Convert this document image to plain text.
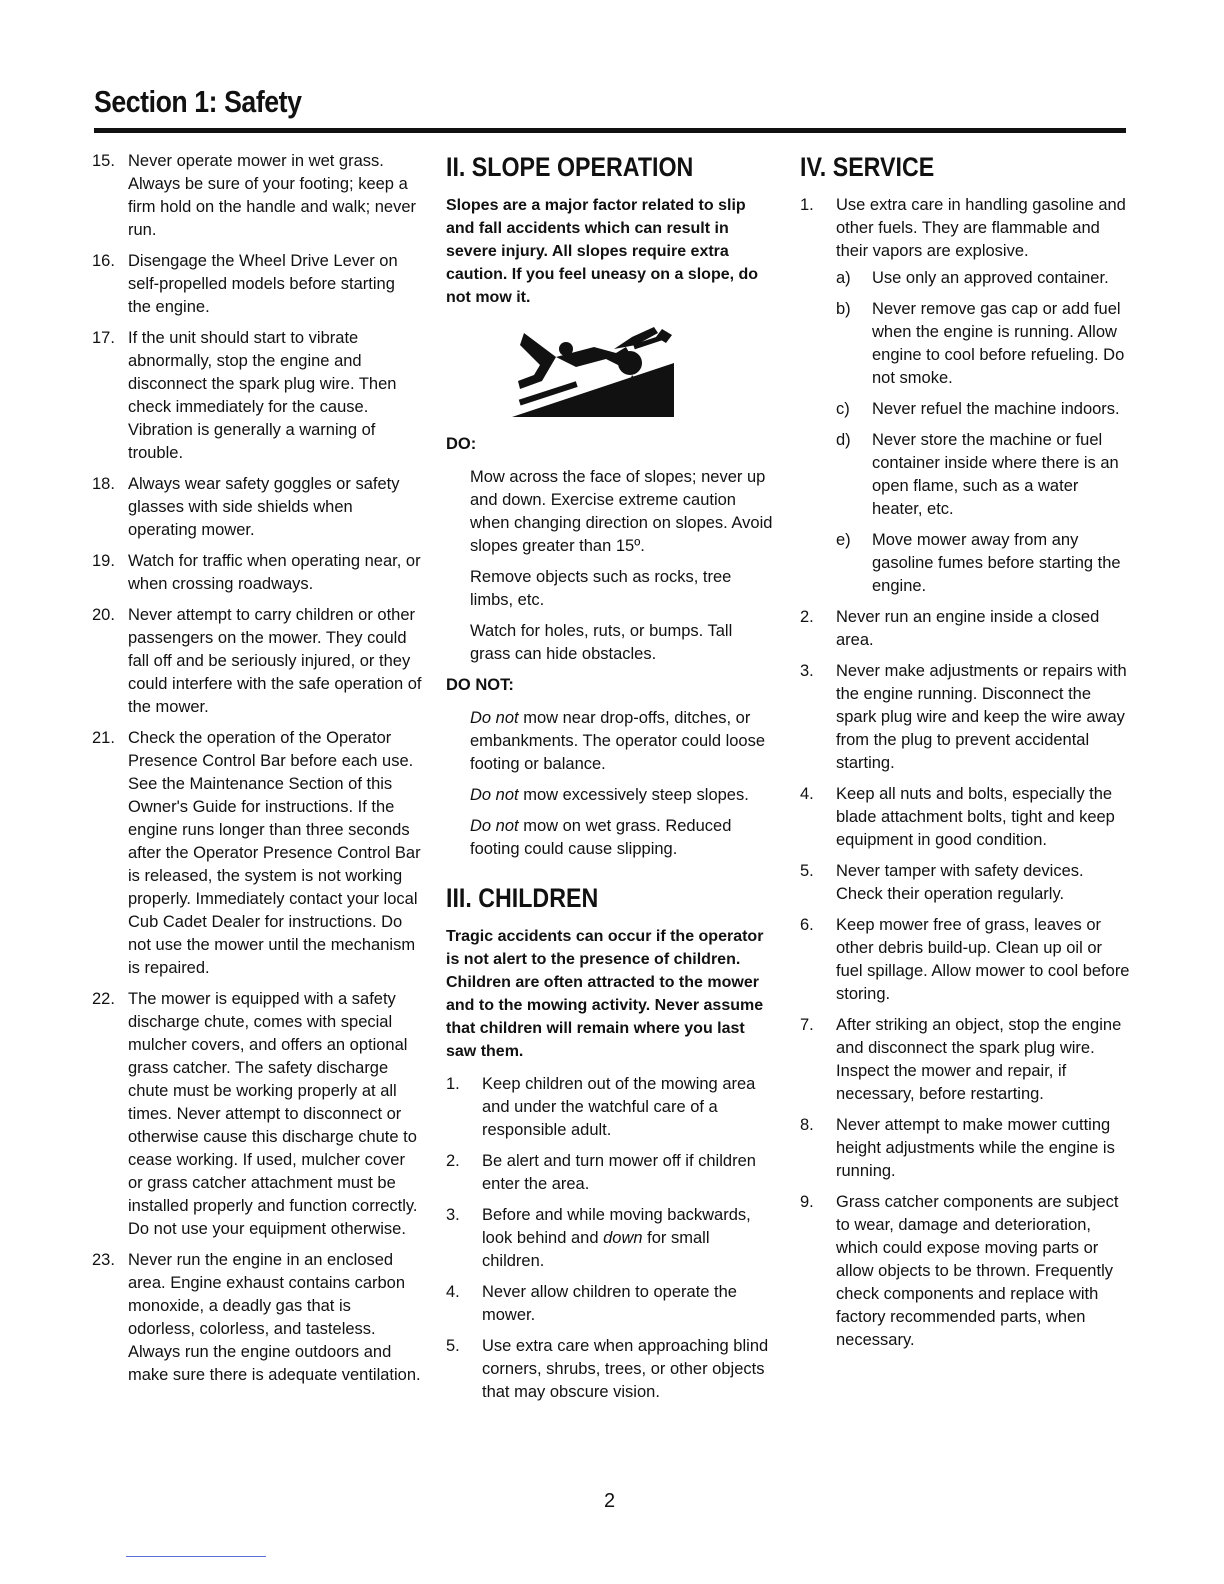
Section 1: Safety
15. Never operate mower in wet grass. Always be sure of your footing; keep a firm hold on the handle and walk; never run.
16. Disengage the Wheel Drive Lever on self-propelled models before starting the engine.
17. If the unit should start to vibrate abnormally, stop the engine and disconnect the spark plug wire. Then check immediately for the cause. Vibration is generally a warning of trouble.
18. Always wear safety goggles or safety glasses with side shields when operating mower.
19. Watch for traffic when operating near, or when crossing roadways.
20. Never attempt to carry children or other passengers on the mower. They could fall off and be seriously injured, or they could interfere with the safe operation of the mower.
21. Check the operation of the Operator Presence Control Bar before each use. See the Maintenance Section of this Owner's Guide for instructions. If the engine runs longer than three seconds after the Operator Presence Control Bar is released, the system is not working properly. Immediately contact your local Cub Cadet Dealer for instructions. Do not use the mower until the mechanism is repaired.
22. The mower is equipped with a safety discharge chute, comes with special mulcher covers, and offers an optional grass catcher. The safety discharge chute must be working properly at all times. Never attempt to disconnect or otherwise cause this discharge chute to cease working. If used, mulcher cover or grass catcher attachment must be installed properly and function correctly. Do not use your equipment otherwise.
23. Never run the engine in an enclosed area. Engine exhaust contains carbon monoxide, a deadly gas that is odorless, colorless, and tasteless. Always run the engine outdoors and make sure there is adequate ventilation.
II. SLOPE OPERATION
Slopes are a major factor related to slip and fall accidents which can result in severe injury. All slopes require extra caution. If you feel uneasy on a slope, do not mow it.
DO:
Mow across the face of slopes; never up and down. Exercise extreme caution when changing direction on slopes. Avoid slopes greater than 15º.
Remove objects such as rocks, tree limbs, etc.
Watch for holes, ruts, or bumps. Tall grass can hide obstacles.
DO NOT:
Do not mow near drop-offs, ditches, or embankments. The operator could loose footing or balance.
Do not mow excessively steep slopes.
Do not mow on wet grass. Reduced footing could cause slipping.
III. CHILDREN
Tragic accidents can occur if the operator is not alert to the presence of children. Children are often attracted to the mower and to the mowing activity. Never assume that children will remain where you last saw them.
1. Keep children out of the mowing area and under the watchful care of a responsible adult.
2. Be alert and turn mower off if children enter the area.
3. Before and while moving backwards, look behind and down for small children.
4. Never allow children to operate the mower.
5. Use extra care when approaching blind corners, shrubs, trees, or other objects that may obscure vision.
IV. SERVICE
1. Use extra care in handling gasoline and other fuels. They are flammable and their vapors are explosive.
a) Use only an approved container.
b) Never remove gas cap or add fuel when the engine is running. Allow engine to cool before refueling. Do not smoke.
c) Never refuel the machine indoors.
d) Never store the machine or fuel container inside where there is an open flame, such as a water heater, etc.
e) Move mower away from any gasoline fumes before starting the engine.
2. Never run an engine inside a closed area.
3. Never make adjustments or repairs with the engine running. Disconnect the spark plug wire and keep the wire away from the plug to prevent accidental starting.
4. Keep all nuts and bolts, especially the blade attachment bolts, tight and keep equipment in good condition.
5. Never tamper with safety devices. Check their operation regularly.
6. Keep mower free of grass, leaves or other debris build-up. Clean up oil or fuel spillage. Allow mower to cool before storing.
7. After striking an object, stop the engine and disconnect the spark plug wire. Inspect the mower and repair, if necessary, before restarting.
8. Never attempt to make mower cutting height adjustments while the engine is running.
9. Grass catcher components are subject to wear, damage and deterioration, which could expose moving parts or allow objects to be thrown. Frequently check components and replace with factory recommended parts, when necessary.
2
